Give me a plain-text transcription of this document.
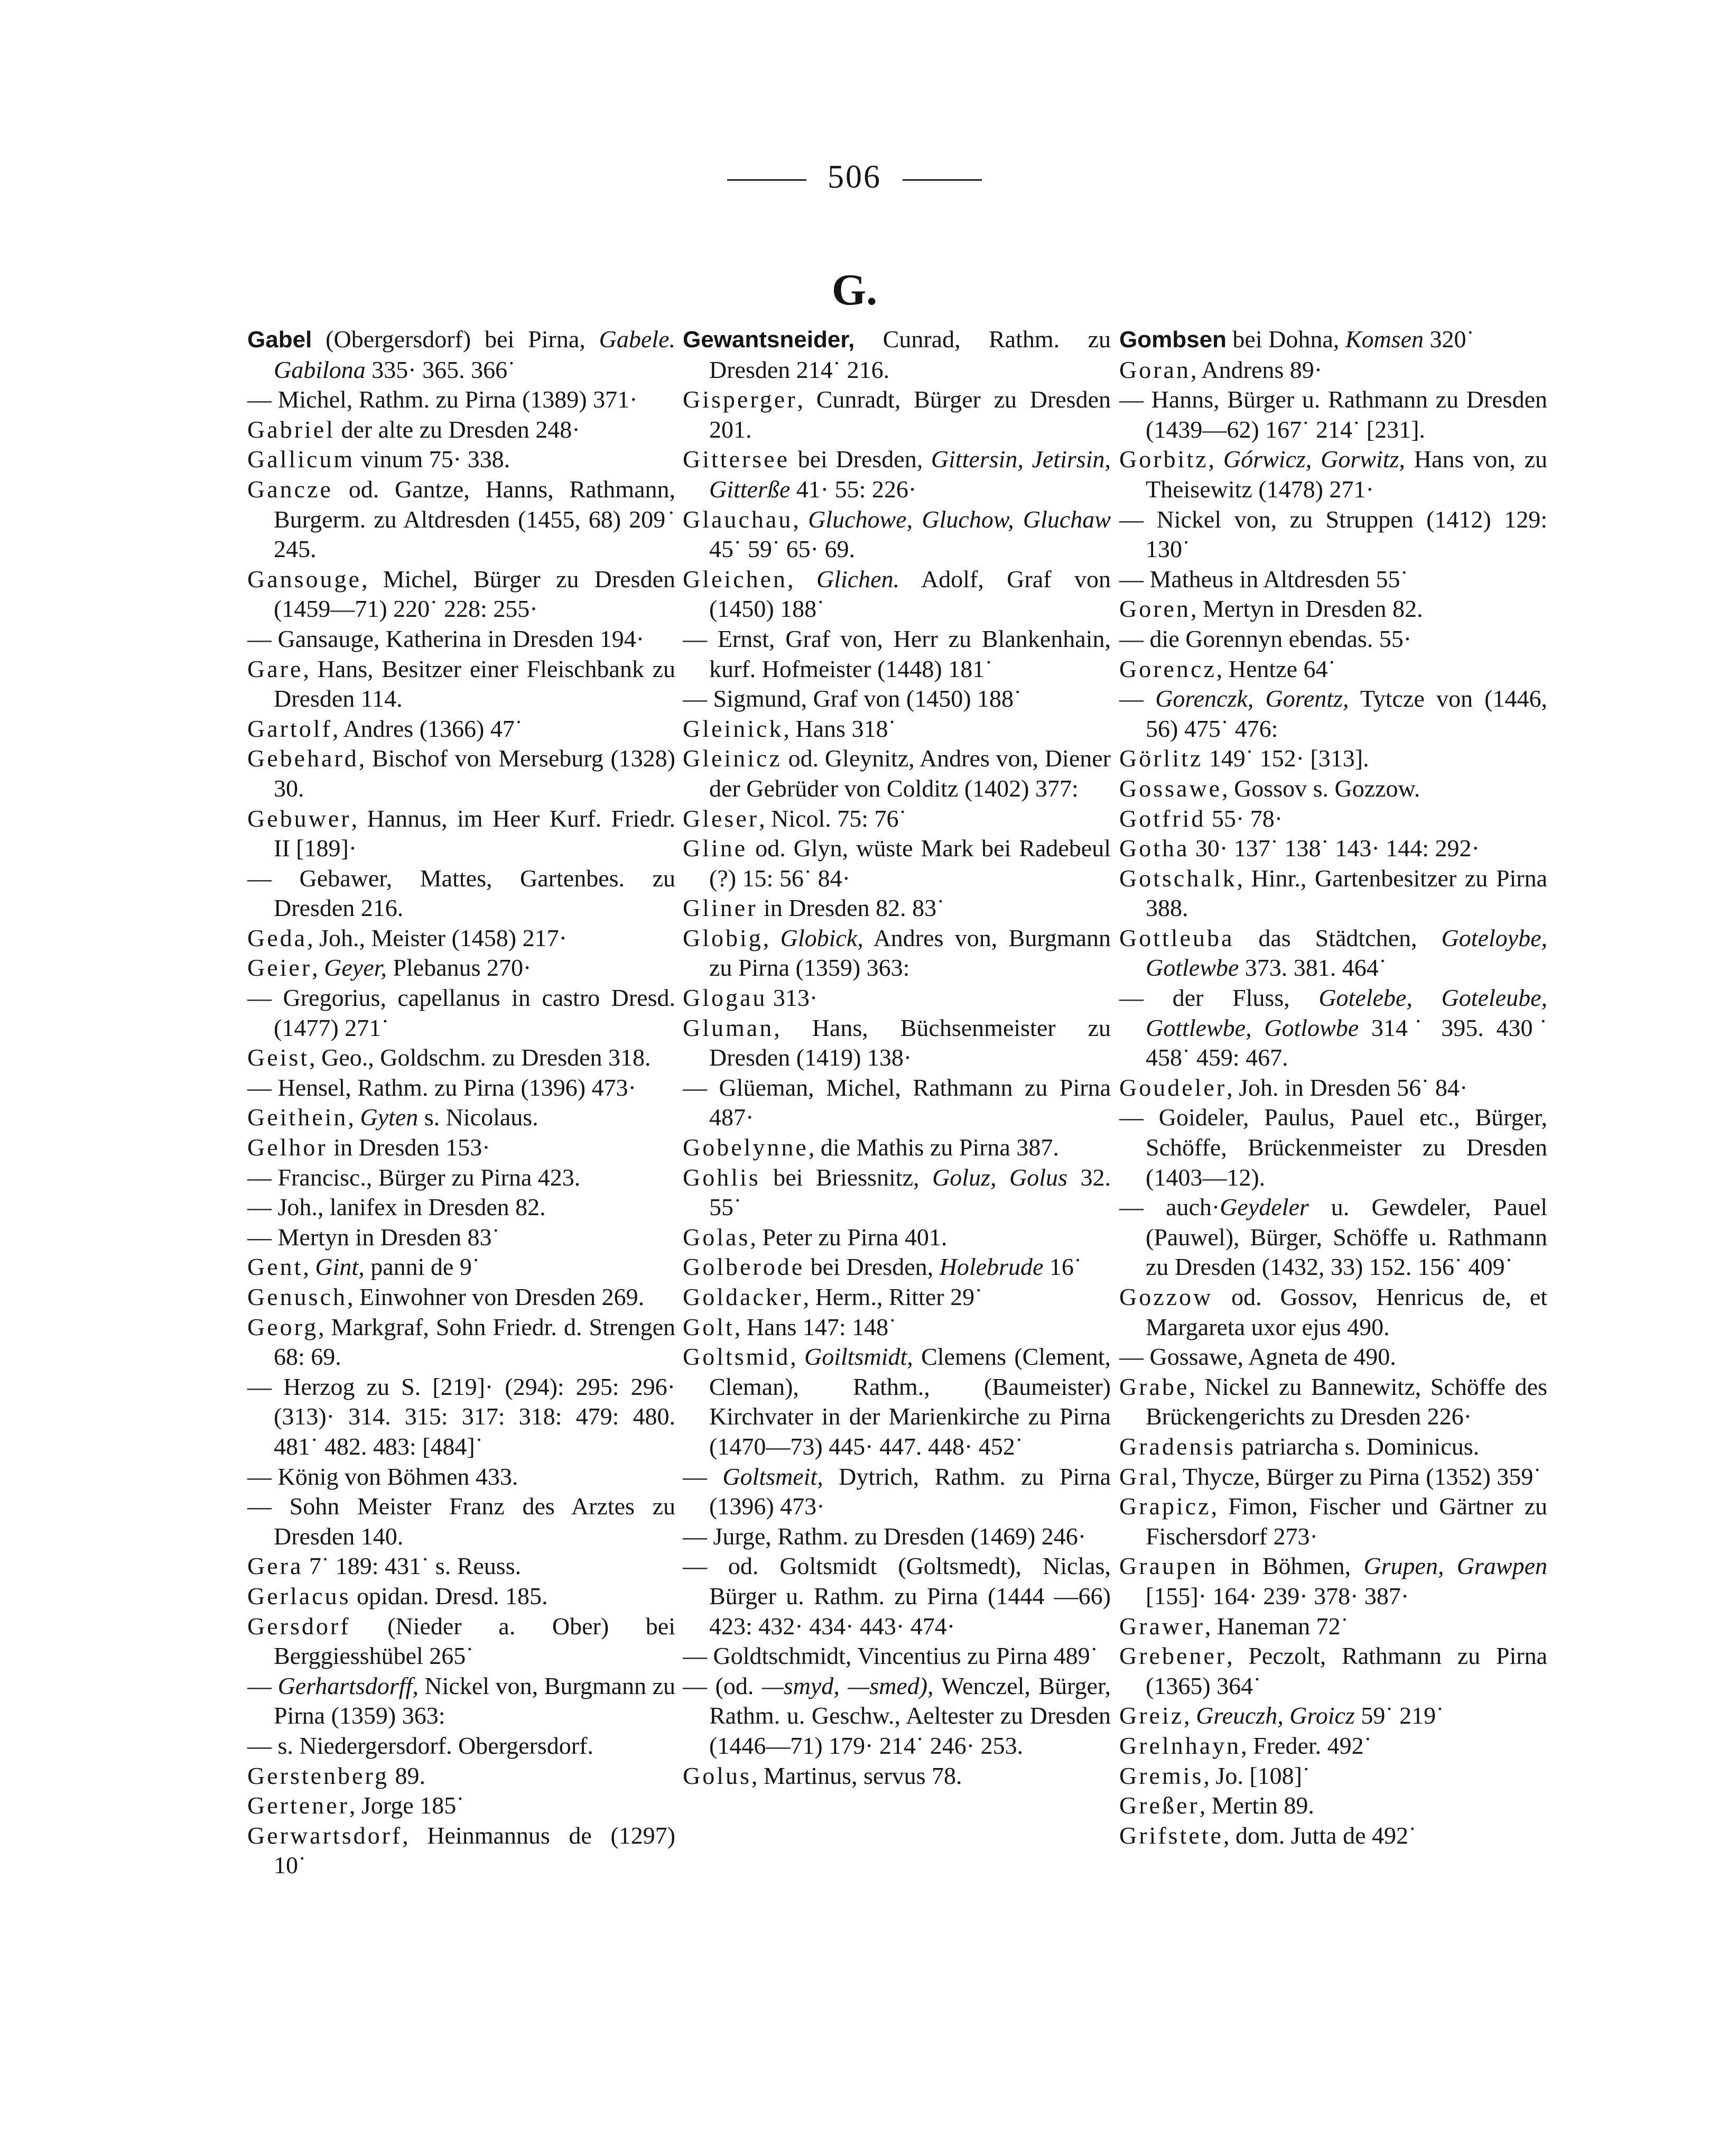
506
G.

Gabel (Obergersdorf) bei Pirna, Gabele. Gabilona 335· 365. 366˙

— Michel, Rathm. zu Pirna (1389) 371·

Gabriel der alte zu Dresden 248·

Gallicum vinum 75· 338.

Gancze od. Gantze, Hanns, Rathmann, Burgerm. zu Altdresden (1455, 68) 209˙ 245.

Gansouge, Michel, Bürger zu Dresden (1459—71) 220˙ 228: 255·

— Gansauge, Katherina in Dresden 194·

Gare, Hans, Besitzer einer Fleischbank zu Dresden 114.

Gartolf, Andres (1366) 47˙

Gebehard, Bischof von Merseburg (1328) 30.

Gebuwer, Hannus, im Heer Kurf. Friedr. II [189]·

— Gebawer, Mattes, Gartenbes. zu Dresden 216.

Geda, Joh., Meister (1458) 217·

Geier, Geyer, Plebanus 270·

— Gregorius, capellanus in castro Dresd. (1477) 271˙

Geist, Geo., Goldschm. zu Dresden 318.

— Hensel, Rathm. zu Pirna (1396) 473·

Geithein, Gyten s. Nicolaus.

Gelhor in Dresden 153·

— Francisc., Bürger zu Pirna 423.

— Joh., lanifex in Dresden 82.

— Mertyn in Dresden 83˙

Gent, Gint, panni de 9˙

Genusch, Einwohner von Dresden 269.

Georg, Markgraf, Sohn Friedr. d. Strengen 68: 69.

— Herzog zu S. [219]· (294): 295: 296· (313)· 314. 315: 317: 318: 479: 480. 481˙ 482. 483: [484]˙

— König von Böhmen 433.

— Sohn Meister Franz des Arztes zu Dresden 140.

Gera 7˙ 189: 431˙ s. Reuss.

Gerlacus opidan. Dresd. 185.

Gersdorf (Nieder a. Ober) bei Berggiesshübel 265˙

— Gerhartsdorff, Nickel von, Burgmann zu Pirna (1359) 363:

— s. Niedergersdorf. Obergersdorf.

Gerstenberg 89.

Gertener, Jorge 185˙

Gerwartsdorf, Heinmannus de (1297) 10˙

Gewantsneider, Cunrad, Rathm. zu Dresden 214˙ 216.

Gisperger, Cunradt, Bürger zu Dresden 201.

Gittersee bei Dresden, Gittersin, Jetirsin, Gitterße 41· 55: 226·

Glauchau, Gluchowe, Gluchow, Gluchaw 45˙ 59˙ 65· 69.

Gleichen, Glichen. Adolf, Graf von (1450) 188˙

— Ernst, Graf von, Herr zu Blankenhain, kurf. Hofmeister (1448) 181˙

— Sigmund, Graf von (1450) 188˙

Gleinick, Hans 318˙

Gleinicz od. Gleynitz, Andres von, Diener der Gebrüder von Colditz (1402) 377:

Gleser, Nicol. 75: 76˙

Gline od. Glyn, wüste Mark bei Radebeul (?) 15: 56˙ 84·

Gliner in Dresden 82. 83˙

Globig, Globick, Andres von, Burgmann zu Pirna (1359) 363:

Glogau 313·

Gluman, Hans, Büchsenmeister zu Dresden (1419) 138·

— Glüeman, Michel, Rathmann zu Pirna 487·

Gobelynne, die Mathis zu Pirna 387.

Gohlis bei Briessnitz, Goluz, Golus 32. 55˙

Golas, Peter zu Pirna 401.

Golberode bei Dresden, Holebrude 16˙

Goldacker, Herm., Ritter 29˙

Golt, Hans 147: 148˙

Goltsmid, Goiltsmidt, Clemens (Clement, Cleman), Rathm., (Baumeister) Kirchvater in der Marienkirche zu Pirna (1470—73) 445· 447. 448· 452˙

— Goltsmeit, Dytrich, Rathm. zu Pirna (1396) 473·

— Jurge, Rathm. zu Dresden (1469) 246·

— od. Goltsmidt (Goltsmedt), Niclas, Bürger u. Rathm. zu Pirna (1444 —66) 423: 432· 434· 443· 474·

— Goldtschmidt, Vincentius zu Pirna 489˙

— (od. —smyd, —smed), Wenczel, Bürger, Rathm. u. Geschw., Aeltester zu Dresden (1446—71) 179· 214˙ 246· 253.

Golus, Martinus, servus 78.

Gombsen bei Dohna, Komsen 320˙

Goran, Andrens 89·

— Hanns, Bürger u. Rathmann zu Dresden (1439—62) 167˙ 214˙ [231].

Gorbitz, Górwicz, Gorwitz, Hans von, zu Theisewitz (1478) 271·

— Nickel von, zu Struppen (1412) 129: 130˙

— Matheus in Altdresden 55˙

Goren, Mertyn in Dresden 82.

— die Gorennyn ebendas. 55·

Gorencz, Hentze 64˙

— Gorenczk, Gorentz, Tytcze von (1446, 56) 475˙ 476:

Görlitz 149˙ 152· [313].

Gossawe, Gossov s. Gozzow.

Gotfrid 55· 78·

Gotha 30· 137˙ 138˙ 143· 144: 292·

Gotschalk, Hinr., Gartenbesitzer zu Pirna 388.

Gottleuba das Städtchen, Goteloybe, Gotlewbe 373. 381. 464˙

— der Fluss, Gotelebe, Goteleube, Gottlewbe, Gotlowbe 314˙ 395. 430˙ 458˙ 459: 467.

Goudeler, Joh. in Dresden 56˙ 84·

— Goideler, Paulus, Pauel etc., Bürger, Schöffe, Brückenmeister zu Dresden (1403—12).

— auch·Geydeler u. Gewdeler, Pauel (Pauwel), Bürger, Schöffe u. Rathmann zu Dresden (1432, 33) 152. 156˙ 409˙

Gozzow od. Gossov, Henricus de, et Margareta uxor ejus 490.

— Gossawe, Agneta de 490.

Grabe, Nickel zu Bannewitz, Schöffe des Brückengerichts zu Dresden 226·

Gradensis patriarcha s. Dominicus.

Gral, Thycze, Bürger zu Pirna (1352) 359˙

Grapicz, Fimon, Fischer und Gärtner zu Fischersdorf 273·

Graupen in Böhmen, Grupen, Grawpen [155]· 164· 239· 378· 387·

Grawer, Haneman 72˙

Grebener, Peczolt, Rathmann zu Pirna (1365) 364˙

Greiz, Greuczh, Groicz 59˙ 219˙

Grelnhayn, Freder. 492˙

Gremis, Jo. [108]˙

Greßer, Mertin 89.

Grifstete, dom. Jutta de 492˙
